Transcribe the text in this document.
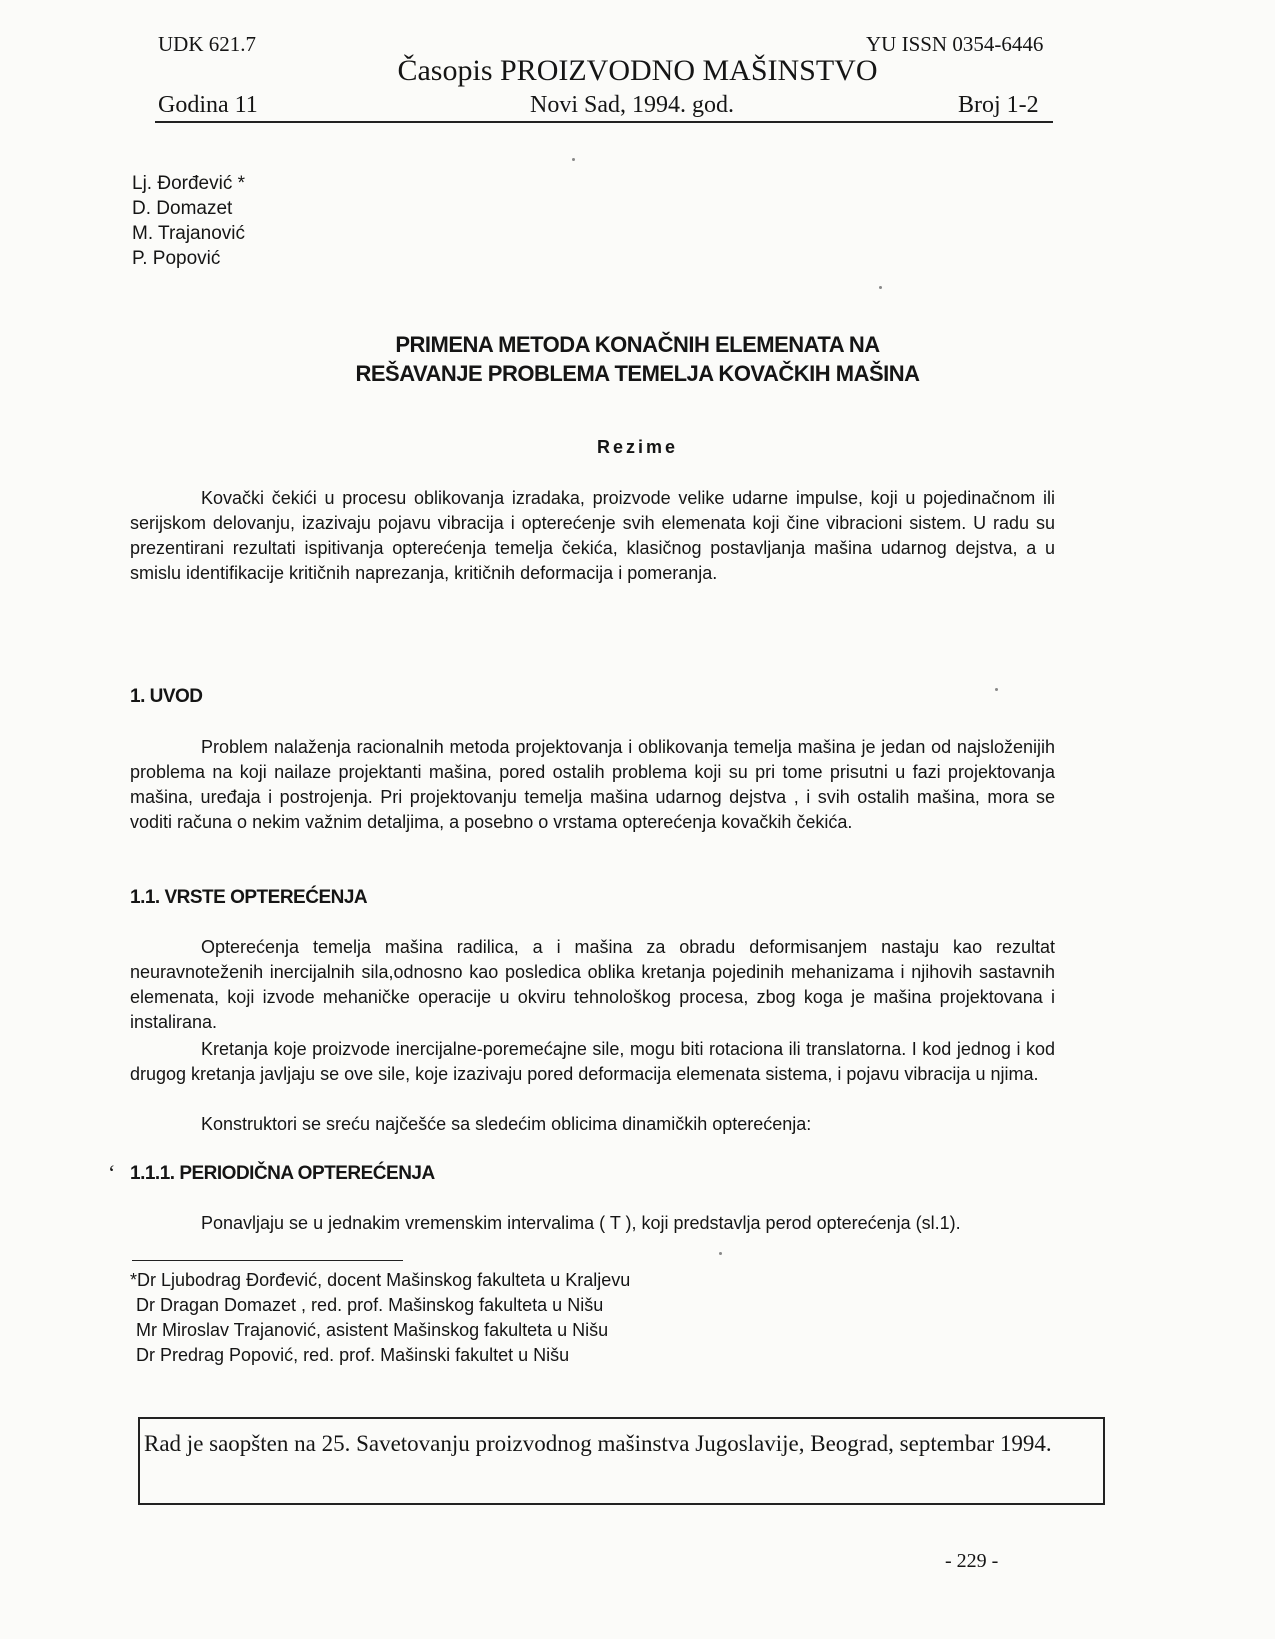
UDK 621.7	YU ISSN 0354-6446
Časopis PROIZVODNO MAŠINSTVO
Godina 11	Novi Sad, 1994. god.	Broj 1-2
Lj. Đorđević *
D. Domazet
M. Trajanović
P. Popović
PRIMENA METODA KONAČNIH ELEMENATA NA
REŠAVANJE PROBLEMA TEMELJA KOVAČKIH MAŠINA
Rezime
Kovački čekići u procesu oblikovanja izradaka, proizvode velike udarne impulse, koji u pojedinačnom ili serijskom delovanju, izazivaju pojavu vibracija i opterećenje svih elemenata koji čine vibracioni sistem. U radu su prezentirani rezultati ispitivanja opterećenja temelja čekića, klasičnog postavljanja mašina udarnog dejstva, a u smislu identifikacije kritičnih naprezanja, kritičnih deformacija i pomeranja.
1. UVOD
Problem nalaženja racionalnih metoda projektovanja i oblikovanja temelja mašina je jedan od najsloženijih problema na koji nailaze projektanti mašina, pored ostalih problema koji su pri tome prisutni u fazi projektovanja mašina, uređaja i postrojenja. Pri projektovanju temelja mašina udarnog dejstva , i svih ostalih mašina, mora se voditi računa o nekim važnim detaljima, a posebno o vrstama opterećenja kovačkih čekića.
1.1. VRSTE OPTEREĆENJA
Opterećenja temelja mašina radilica, a i mašina za obradu deformisanjem nastaju kao rezultat neuravnoteženih inercijalnih sila,odnosno kao posledica oblika kretanja pojedinih mehanizama i njihovih sastavnih elemenata, koji izvode mehaničke operacije u okviru tehnološkog procesa, zbog koga je mašina projektovana i instalirana.
Kretanja koje proizvode inercijalne-poremećajne sile, mogu biti rotaciona ili translatorna. I kod jednog i kod drugog kretanja javljaju se ove sile, koje izazivaju pored deformacija elemenata sistema, i pojavu vibracija u njima.
Konstruktori se sreću najčešće sa sledećim oblicima dinamičkih opterećenja:
ʻ 1.1.1. PERIODIČNA OPTEREĆENJA
Ponavljaju se u jednakim vremenskim intervalima ( T ), koji predstavlja perod opterećenja (sl.1).
*Dr Ljubodrag Đorđević, docent Mašinskog fakulteta u Kraljevu
Dr Dragan Domazet , red. prof. Mašinskog fakulteta u Nišu
Mr Miroslav Trajanović, asistent Mašinskog fakulteta u Nišu
Dr Predrag Popović, red. prof. Mašinski fakultet u Nišu
Rad je saopšten na 25. Savetovanju proizvodnog mašinstva Jugoslavije, Beograd, septembar 1994.
- 229 -
